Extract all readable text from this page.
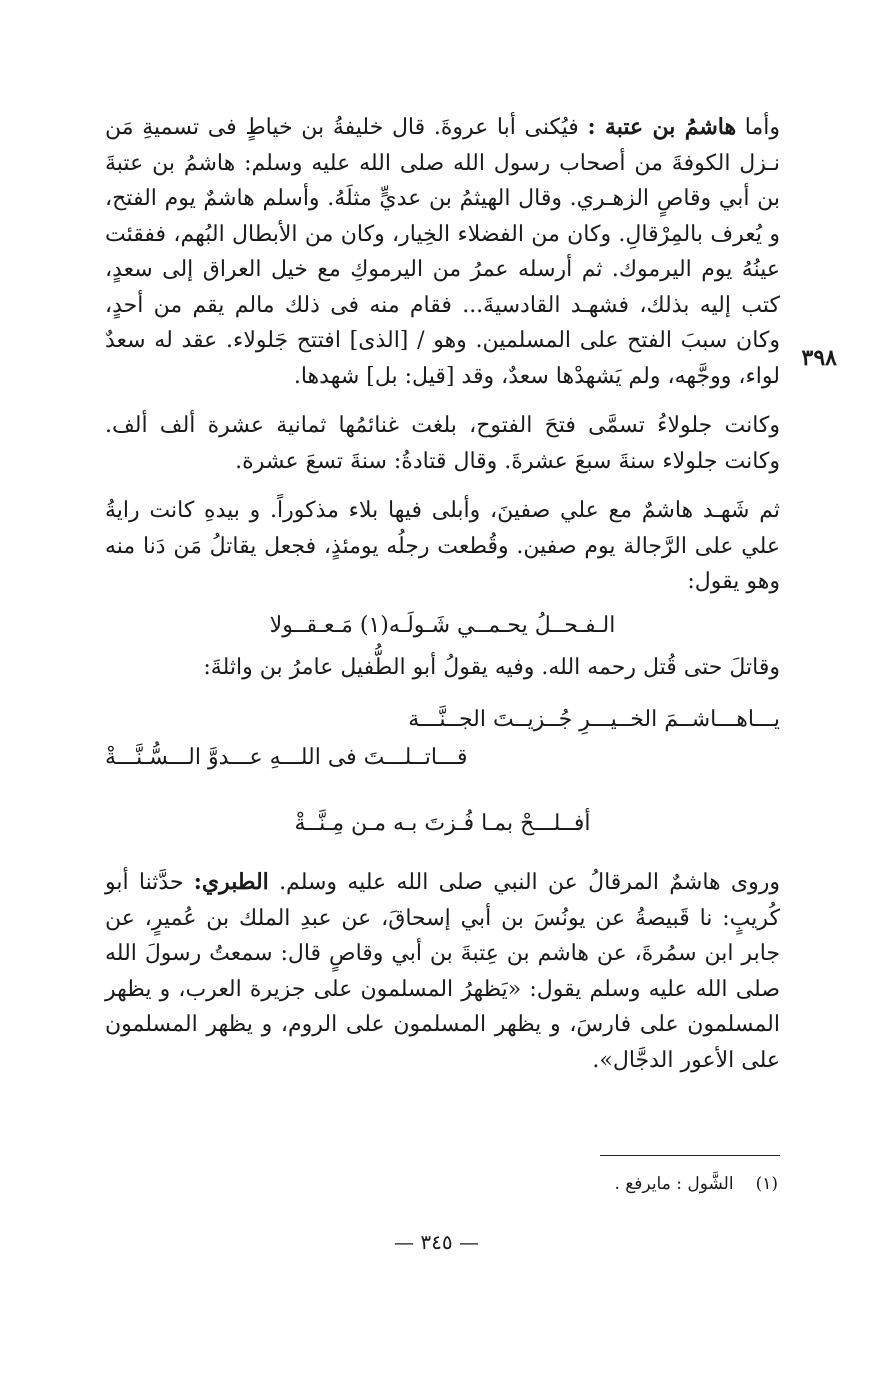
٣٩٨

وأما هاشمُ بن عتبة : فيُكنى أبا عروةَ. قال خليفةُ بن خياطٍ فى تسميةِ مَن نـزل الكوفةَ من أصحاب رسول الله صلى الله عليه وسلم: هاشمُ بن عتبةَ بن أبي وقاصٍ الزهـري. وقال الهيثمُ بن عديٍّ مثلَهُ. وأسلم هاشمٌ يوم الفتح، و يُعرف بالمِرْقالِ. وكان من الفضلاء الخِيار، وكان من الأبطال البُهم، ففقئت عينُهُ يوم اليرموك. ثم أرسله عمرُ من اليرموكِ مع خيل العراق إلى سعدٍ، كتب إليه بذلك، فشهـد القادسيةَ... فقام منه فى ذلك مالم يقم من أحدٍ، وكان سببَ الفتح على المسلمين. وهو / [الذى] افتتح جَلولاء. عقد له سعدٌ لواء، ووجَّهه، ولم يَشهدْها سعدٌ، وقد [قيل: بل] شهدها.

وكانت جلولاءُ تسمَّى فتحَ الفتوح، بلغت غنائمُها ثمانية عشرة ألف ألف. وكانت جلولاء سنةَ سبعَ عشرةَ. وقال قتادةُ: سنةَ تسعَ عشرة.

ثم شَهـد هاشمٌ مع علي صفينَ، وأبلى فيها بلاء مذكوراً. و بيدهِ كانت رايةُ علي على الرَّجالة يوم صفين. وقُطعت رجلُه يومئذٍ، فجعل يقاتلُ مَن دَنا منه وهو يقول:

الـفـحــلُ يحـمــي شَـولَـه(١) مَـعـقــولا

وقاتلَ حتى قُتل رحمه الله. وفيه يقولُ أبو الطُّفيل عامرُ بن واثلةَ:

يـــاهـــاشــمَ الخــيـــرِ جُــزيــتَ الجــنَّـــة
قـــاتــلـــتَ فى اللـــهِ عـــدوَّ الـــسُّـنَّـــةْ
أفــلـــحْ بمـا فُـزتَ بـه مـن مِـنَّــةْ

وروى هاشمٌ المرقالُ عن النبي صلى الله عليه وسلم. الطبري: حدَّثنا أبو كُريبٍ: نا قَبيصةُ عن يونُسَ بن أبي إسحاقَ، عن عبدِ الملك بن عُميرٍ، عن جابر ابن سمُرةَ، عن هاشم بن عِتبةَ بن أبي وقاصٍ قال: سمعتُ رسولَ الله صلى الله عليه وسلم يقول: «يَظهرُ المسلمون على جزيرة العرب، و يظهر المسلمون على فارسَ، و يظهر المسلمون على الروم، و يظهر المسلمون على الأعور الدجَّال».

(١)الشَّول : مايرفع .
— ٣٤٥ —
